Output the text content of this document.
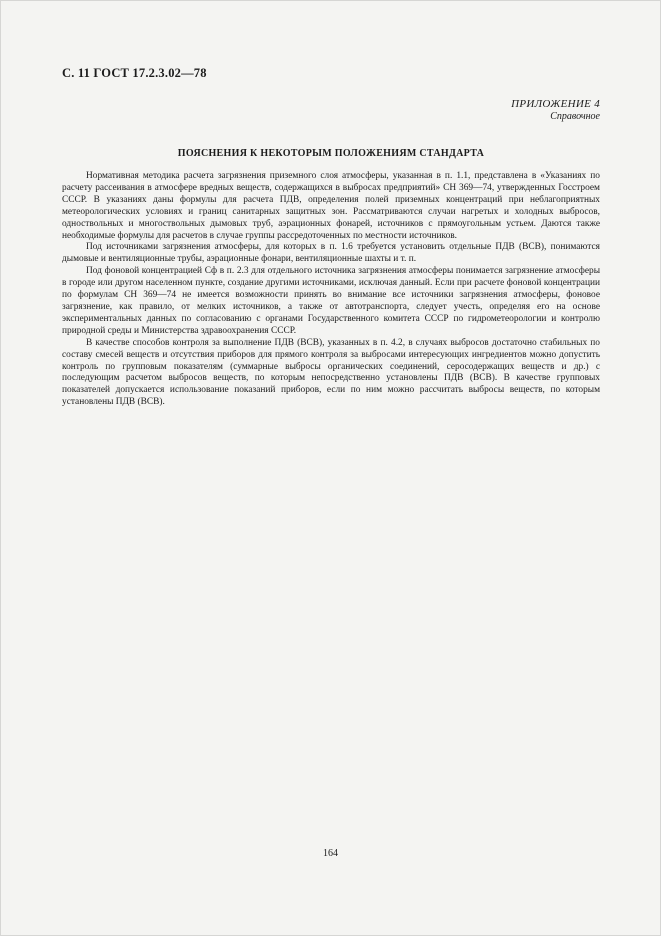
С. 11 ГОСТ 17.2.3.02—78
ПРИЛОЖЕНИЕ 4
Справочное
ПОЯСНЕНИЯ К НЕКОТОРЫМ ПОЛОЖЕНИЯМ СТАНДАРТА

Нормативная методика расчета загрязнения приземного слоя атмосферы, указанная в п. 1.1, представлена в «Указаниях по расчету рассеивания в атмосфере вредных веществ, содержащихся в выбросах предприятий» СН 369—74, утвержденных Госстроем СССР. В указаниях даны формулы для расчета ПДВ, определения полей приземных концентраций при неблагоприятных метеорологических условиях и границ санитарных защитных зон. Рассматриваются случаи нагретых и холодных выбросов, одноствольных и многоствольных дымовых труб, аэрационных фонарей, источников с прямоугольным устьем. Даются также необходимые формулы для расчетов в случае группы рассредоточенных по местности источников.

Под источниками загрязнения атмосферы, для которых в п. 1.6 требуется установить отдельные ПДВ (ВСВ), понимаются дымовые и вентиляционные трубы, аэрационные фонари, вентиляционные шахты и т. п.

Под фоновой концентрацией Cф в п. 2.3 для отдельного источника загрязнения атмосферы понимается загрязнение атмосферы в городе или другом населенном пункте, создание другими источниками, исключая данный. Если при расчете фоновой концентрации по формулам СН 369—74 не имеется возможности принять во внимание все источники загрязнения атмосферы, фоновое загрязнение, как правило, от мелких источников, а также от автотранспорта, следует учесть, определяя его на основе экспериментальных данных по согласованию с органами Государственного комитета СССР по гидрометеорологии и контролю природной среды и Министерства здравоохранения СССР.

В качестве способов контроля за выполнение ПДВ (ВСВ), указанных в п. 4.2, в случаях выбросов достаточно стабильных по составу смесей веществ и отсутствия приборов для прямого контроля за выбросами интересующих ингредиентов можно допустить контроль по групповым показателям (суммарные выбросы органических соединений, серосодержащих веществ и др.) с последующим расчетом выбросов веществ, по которым непосредственно установлены ПДВ (ВСВ). В качестве групповых показателей допускается использование показаний приборов, если по ним можно рассчитать выбросы веществ, по которым установлены ПДВ (ВСВ).

164
